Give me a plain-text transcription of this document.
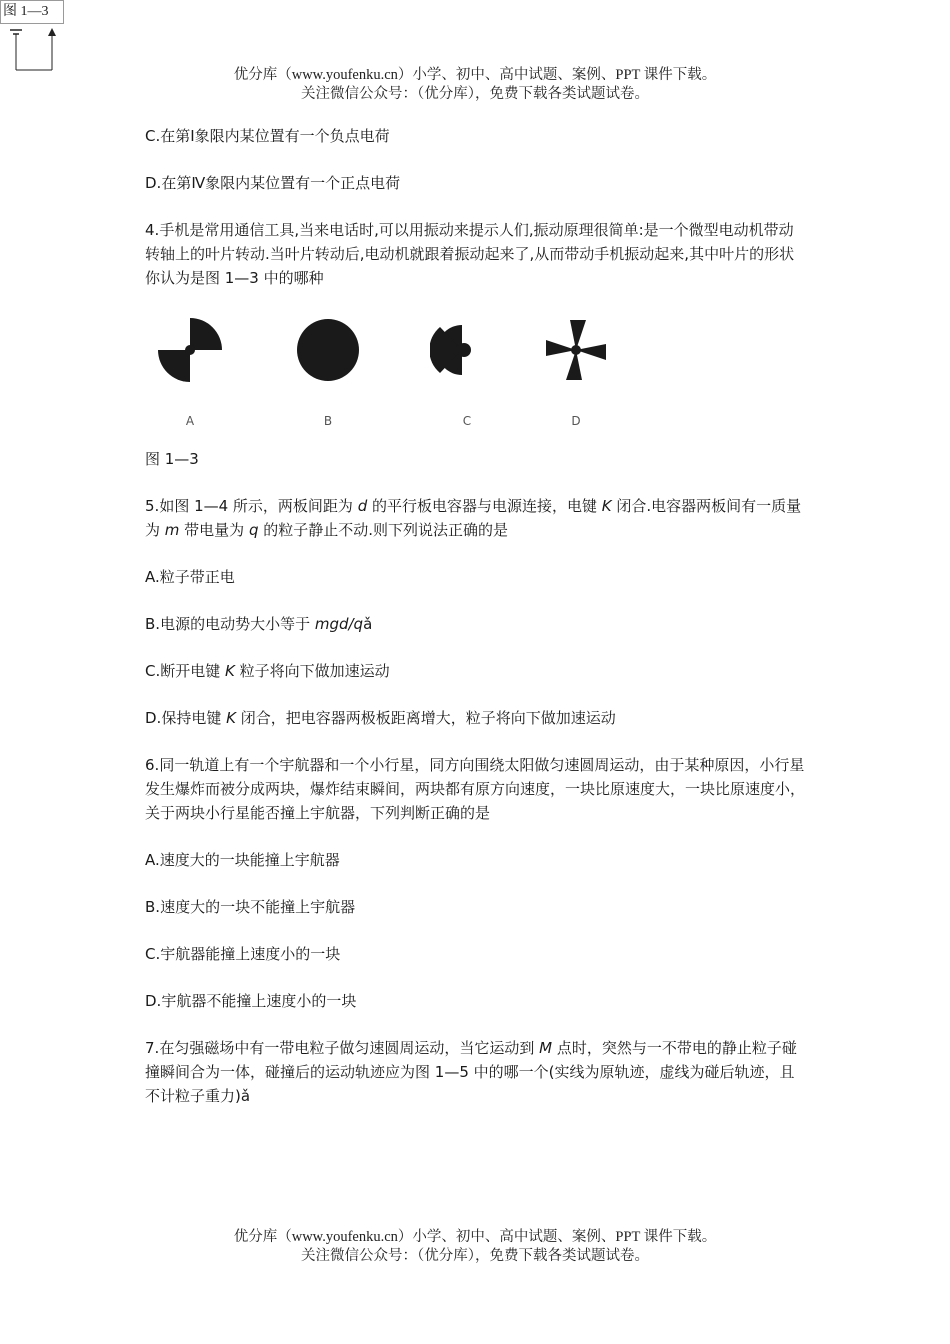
图 1—3
优分库（www.youfenku.cn）小学、初中、高中试题、案例、PPT 课件下载。
关注微信公众号：（优分库），免费下载各类试题试卷。

C.在第Ⅰ象限内某位置有一个负点电荷

D.在第Ⅳ象限内某位置有一个正点电荷

4.手机是常用通信工具,当来电话时,可以用振动来提示人们,振动原理很简单:是一个微型电动机带动转轴上的叶片转动.当叶片转动后,电动机就跟着振动起来了,从而带动手机振动起来,其中叶片的形状你认为是图 1—3 中的哪种

A	B	C	D

图 1—3

5.如图 1—4 所示，两板间距为 d 的平行板电容器与电源连接，电键 K 闭合.电容器两板间有一质量为 m 带电量为 q 的粒子静止不动.则下列说法正确的是

A.粒子带正电

B.电源的电动势大小等于 mgd/qǎ

C.断开电键 K 粒子将向下做加速运动

D.保持电键 K 闭合，把电容器两极板距离增大，粒子将向下做加速运动

6.同一轨道上有一个宇航器和一个小行星，同方向围绕太阳做匀速圆周运动，由于某种原因，小行星发生爆炸而被分成两块，爆炸结束瞬间，两块都有原方向速度，一块比原速度大，一块比原速度小，关于两块小行星能否撞上宇航器，下列判断正确的是

A.速度大的一块能撞上宇航器

B.速度大的一块不能撞上宇航器

C.宇航器能撞上速度小的一块

D.宇航器不能撞上速度小的一块

7.在匀强磁场中有一带电粒子做匀速圆周运动，当它运动到 M 点时，突然与一不带电的静止粒子碰撞瞬间合为一体，碰撞后的运动轨迹应为图 1—5 中的哪一个(实线为原轨迹，虚线为碰后轨迹，且不计粒子重力)ǎ

优分库（www.youfenku.cn）小学、初中、高中试题、案例、PPT 课件下载。
关注微信公众号：（优分库），免费下载各类试题试卷。
